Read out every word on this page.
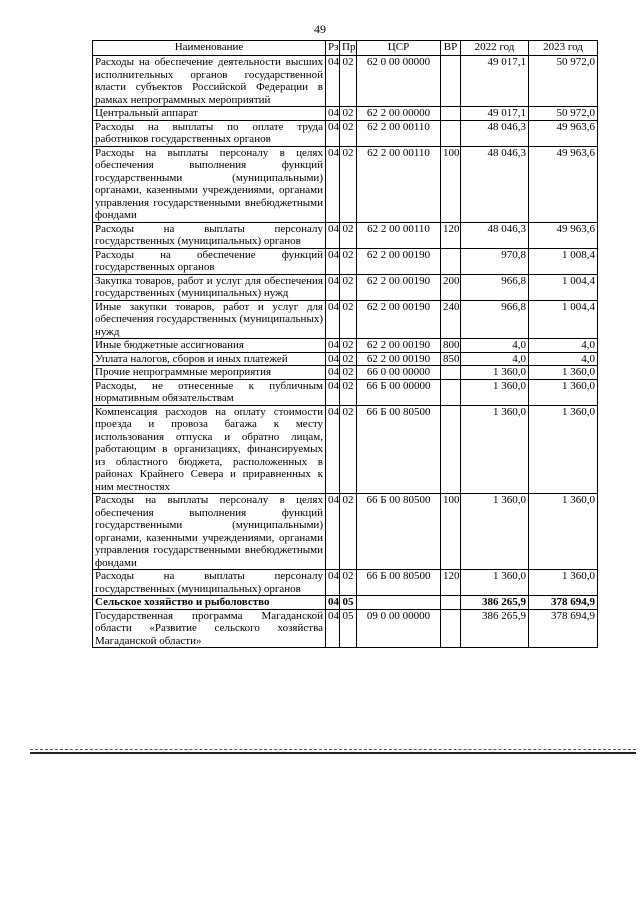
49
Наименование	Рз	Пр	ЦСР	ВР	2022 год	2023 год
Расходы на обеспечение деятельности высших исполнительных органов государственной власти субъектов Российской Федерации в рамках непрограммных мероприятий	04	02	62 0 00 00000		49 017,1	50 972,0
Центральный аппарат	04	02	62 2 00 00000		49 017,1	50 972,0
Расходы на выплаты по оплате труда работников государственных органов	04	02	62 2 00 00110		48 046,3	49 963,6
Расходы на выплаты персоналу в целях обеспечения выполнения функций государственными (муниципальными) органами, казенными учреждениями, органами управления государственными внебюджетными фондами	04	02	62 2 00 00110	100	48 046,3	49 963,6
Расходы на выплаты персоналу государственных (муниципальных) органов	04	02	62 2 00 00110	120	48 046,3	49 963,6
Расходы на обеспечение функций государственных органов	04	02	62 2 00 00190		970,8	1 008,4
Закупка товаров, работ и услуг для обеспечения государственных (муниципальных) нужд	04	02	62 2 00 00190	200	966,8	1 004,4
Иные закупки товаров, работ и услуг для обеспечения государственных (муниципальных) нужд	04	02	62 2 00 00190	240	966,8	1 004,4
Иные бюджетные ассигнования	04	02	62 2 00 00190	800	4,0	4,0
Уплата налогов, сборов и иных платежей	04	02	62 2 00 00190	850	4,0	4,0
Прочие непрограммные мероприятия	04	02	66 0 00 00000		1 360,0	1 360,0
Расходы, не отнесенные к публичным нормативным обязательствам	04	02	66 Б 00 00000		1 360,0	1 360,0
Компенсация расходов на оплату стоимости проезда и провоза багажа к месту использования отпуска и обратно лицам, работающим в организациях, финансируемых из областного бюджета, расположенных в районах Крайнего Севера и приравненных к ним местностях	04	02	66 Б 00 80500		1 360,0	1 360,0
Расходы на выплаты персоналу в целях обеспечения выполнения функций государственными (муниципальными) органами, казенными учреждениями, органами управления государственными внебюджетными фондами	04	02	66 Б 00 80500	100	1 360,0	1 360,0
Расходы на выплаты персоналу государственных (муниципальных) органов	04	02	66 Б 00 80500	120	1 360,0	1 360,0
Сельское хозяйство и рыболовство	04	05			386 265,9	378 694,9
Государственная программа Магаданской области «Развитие сельского хозяйства Магаданской области»	04	05	09 0 00 00000		386 265,9	378 694,9
